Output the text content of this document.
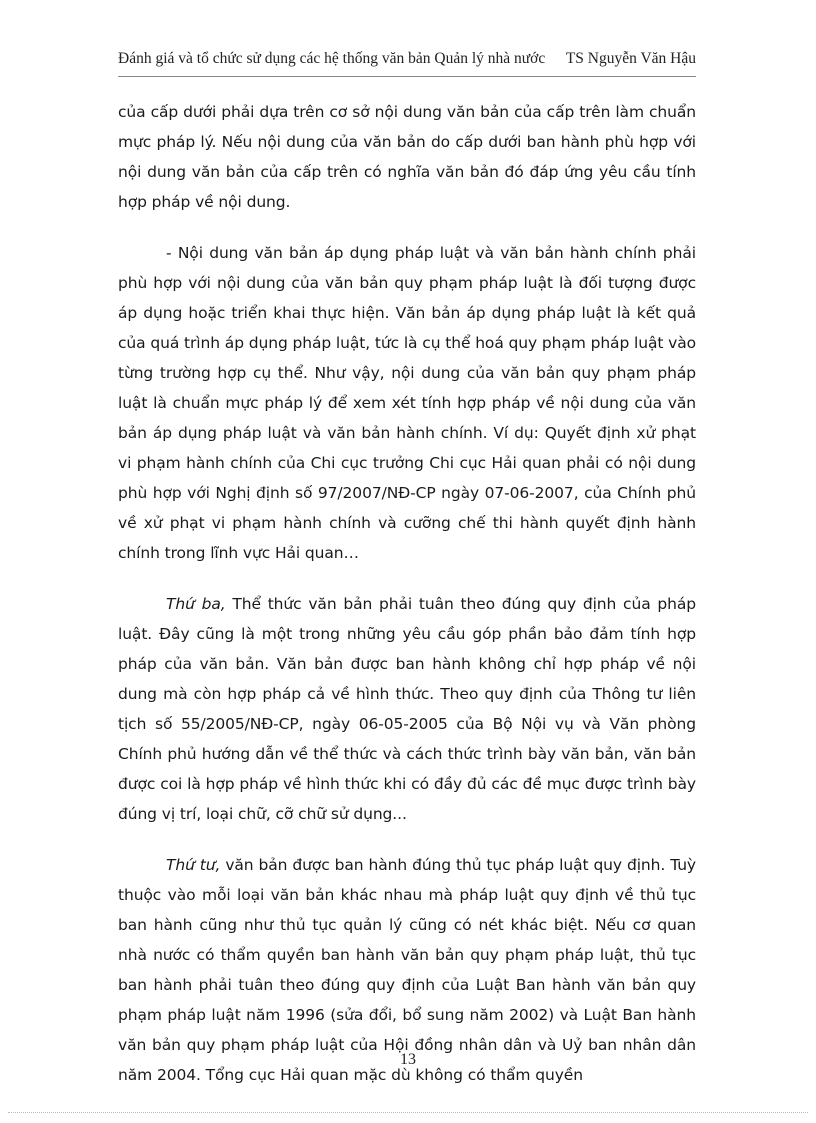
Đánh giá và tổ chức sử dụng các hệ thống văn bản Quản lý nhà nước TS Nguyễn Văn Hậu

của cấp dưới phải dựa trên cơ sở nội dung văn bản của cấp trên làm chuẩn mực pháp lý. Nếu nội dung của văn bản do cấp dưới ban hành phù hợp với nội dung văn bản của cấp trên có nghĩa văn bản đó đáp ứng yêu cầu tính hợp pháp về nội dung.

- Nội dung văn bản áp dụng pháp luật và văn bản hành chính phải phù hợp với nội dung của văn bản quy phạm pháp luật là đối tượng được áp dụng hoặc triển khai thực hiện. Văn bản áp dụng pháp luật là kết quả của quá trình áp dụng pháp luật, tức là cụ thể hoá quy phạm pháp luật vào từng trường hợp cụ thể. Như vậy, nội dung của văn bản quy phạm pháp luật là chuẩn mực pháp lý để xem xét tính hợp pháp về nội dung của văn bản áp dụng pháp luật và văn bản hành chính. Ví dụ: Quyết định xử phạt vi phạm hành chính của Chi cục trưởng Chi cục Hải quan phải có nội dung phù hợp với Nghị định số 97/2007/NĐ-CP ngày 07-06-2007, của Chính phủ về xử phạt vi phạm hành chính và cưỡng chế thi hành quyết định hành chính trong lĩnh vực Hải quan…

Thứ ba, Thể thức văn bản phải tuân theo đúng quy định của pháp luật. Đây cũng là một trong những yêu cầu góp phần bảo đảm tính hợp pháp của văn bản. Văn bản được ban hành không chỉ hợp pháp về nội dung mà còn hợp pháp cả về hình thức. Theo quy định của Thông tư liên tịch số 55/2005/NĐ-CP, ngày 06-05-2005 của Bộ Nội vụ và Văn phòng Chính phủ hướng dẫn về thể thức và cách thức trình bày văn bản, văn bản được coi là hợp pháp về hình thức khi có đầy đủ các đề mục được trình bày đúng vị trí, loại chữ, cỡ chữ sử dụng...

Thứ tư, văn bản được ban hành đúng thủ tục pháp luật quy định. Tuỳ thuộc vào mỗi loại văn bản khác nhau mà pháp luật quy định về thủ tục ban hành cũng như thủ tục quản lý cũng có nét khác biệt. Nếu cơ quan nhà nước có thẩm quyền ban hành văn bản quy phạm pháp luật, thủ tục ban hành phải tuân theo đúng quy định của Luật Ban hành văn bản quy phạm pháp luật năm 1996 (sửa đổi, bổ sung năm 2002) và Luật Ban hành văn bản quy phạm pháp luật của Hội đồng nhân dân và Uỷ ban nhân dân năm 2004. Tổng cục Hải quan mặc dù không có thẩm quyền

13
